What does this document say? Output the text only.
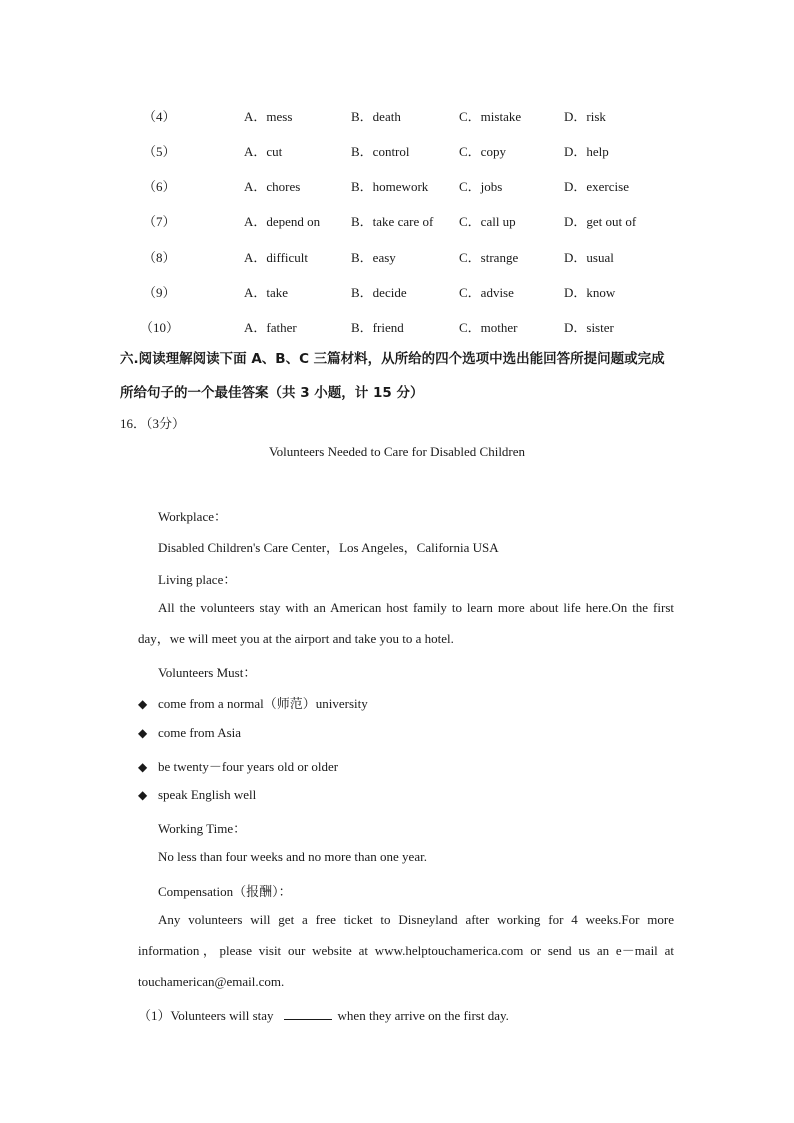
（4）	A．mess	B．death	C．mistake	D．risk
（5）	A．cut	B．control	C．copy	D．help
（6）	A．chores	B．homework C．jobs	D．exercise
（7）	A．depend on B．take care of C．call up	D．get out of
（8）	A．difficult	B．easy	C．strange	D．usual
（9）	A．take	B．decide	C．advise	D．know
（10）	A．father	B．friend	C．mother	D．sister
六.阅读理解阅读下面 A、B、C 三篇材料，从所给的四个选项中选出能回答所提问题或完成
所给句子的一个最佳答案（共 3 小题，计 15 分）
16．（3分）
Volunteers Needed to Care for Disabled Children
Workplace：
Disabled Children's Care Center，Los Angeles，California USA
Living place：
All the volunteers stay with an American host family to learn more about life here.On the first day，we will meet you at the airport and take you to a hotel.
Volunteers Must：
◆ come from a normal（师范）university
◆ come from Asia
◆ be twenty－four years old or older
◆ speak English well
Working Time：
No less than four weeks and no more than one year.
Compensation（报酬）：
Any volunteers will get a free ticket to Disneyland after working for 4 weeks.For more information，please visit our website at www.helptouchamerica.com or send us an e－mail at touchamerican@email.com.
（1）Volunteers will stay	when they arrive on the first day.
